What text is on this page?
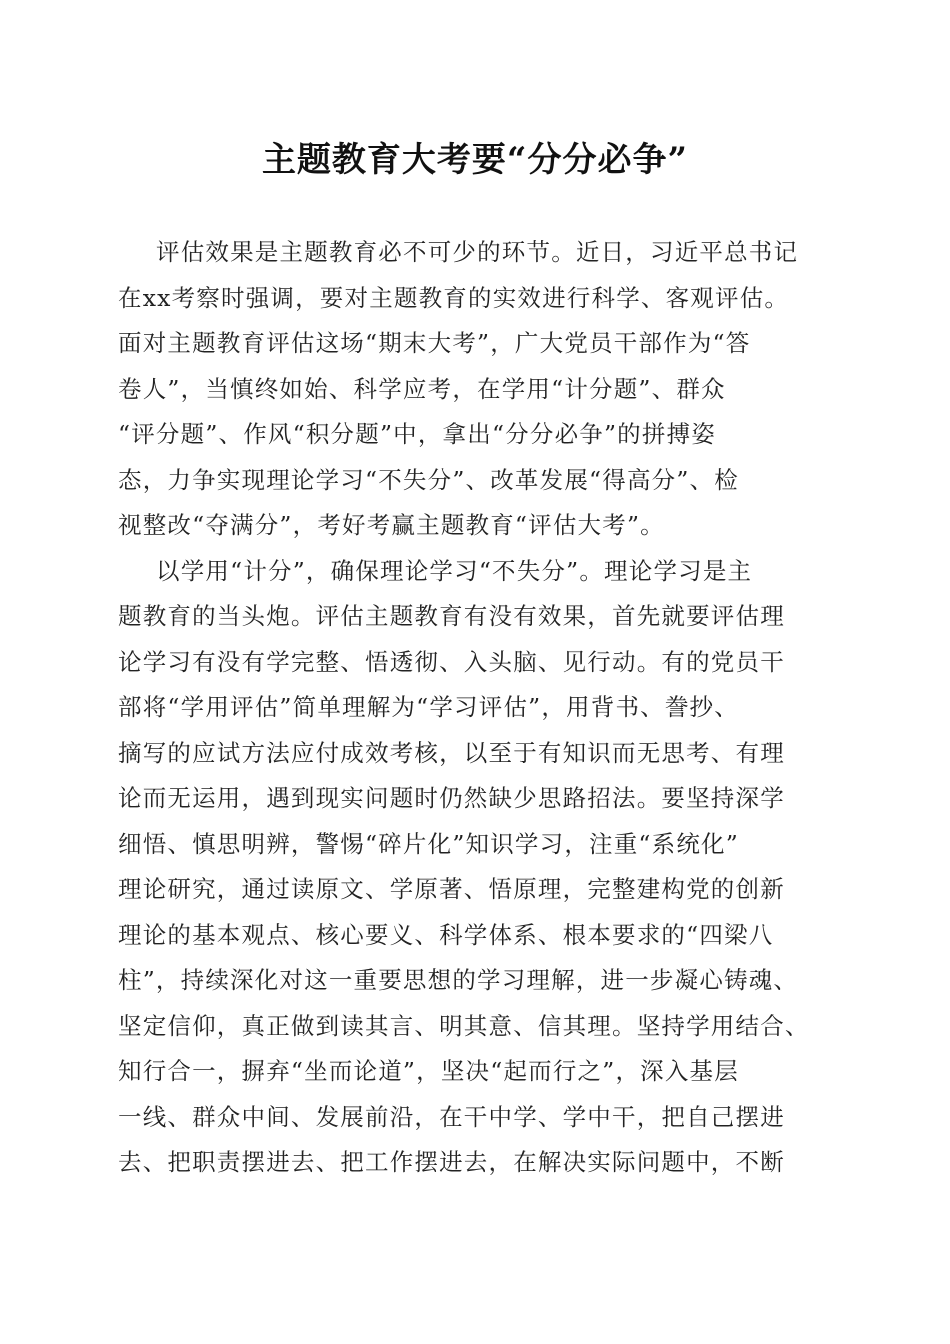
主题教育大考要“分分必争”
评估效果是主题教育必不可少的环节。近日，习近平总书记
在xx考察时强调，要对主题教育的实效进行科学、客观评估。
面对主题教育评估这场“期末大考”，广大党员干部作为“答
卷人”，当慎终如始、科学应考，在学用“计分题”、群众
“评分题”、作风“积分题”中，拿出“分分必争”的拼搏姿
态，力争实现理论学习“不失分”、改革发展“得高分”、检
视整改“夺满分”，考好考赢主题教育“评估大考”。
以学用“计分”，确保理论学习“不失分”。理论学习是主
题教育的当头炮。评估主题教育有没有效果，首先就要评估理
论学习有没有学完整、悟透彻、入头脑、见行动。有的党员干
部将“学用评估”简单理解为“学习评估”，用背书、誊抄、
摘写的应试方法应付成效考核，以至于有知识而无思考、有理
论而无运用，遇到现实问题时仍然缺少思路招法。要坚持深学
细悟、慎思明辨，警惕“碎片化”知识学习，注重“系统化”
理论研究，通过读原文、学原著、悟原理，完整建构党的创新
理论的基本观点、核心要义、科学体系、根本要求的“四梁八
柱”，持续深化对这一重要思想的学习理解，进一步凝心铸魂、
坚定信仰，真正做到读其言、明其意、信其理。坚持学用结合、
知行合一，摒弃“坐而论道”，坚决“起而行之”，深入基层
一线、群众中间、发展前沿，在干中学、学中干，把自己摆进
去、把职责摆进去、把工作摆进去，在解决实际问题中，不断
